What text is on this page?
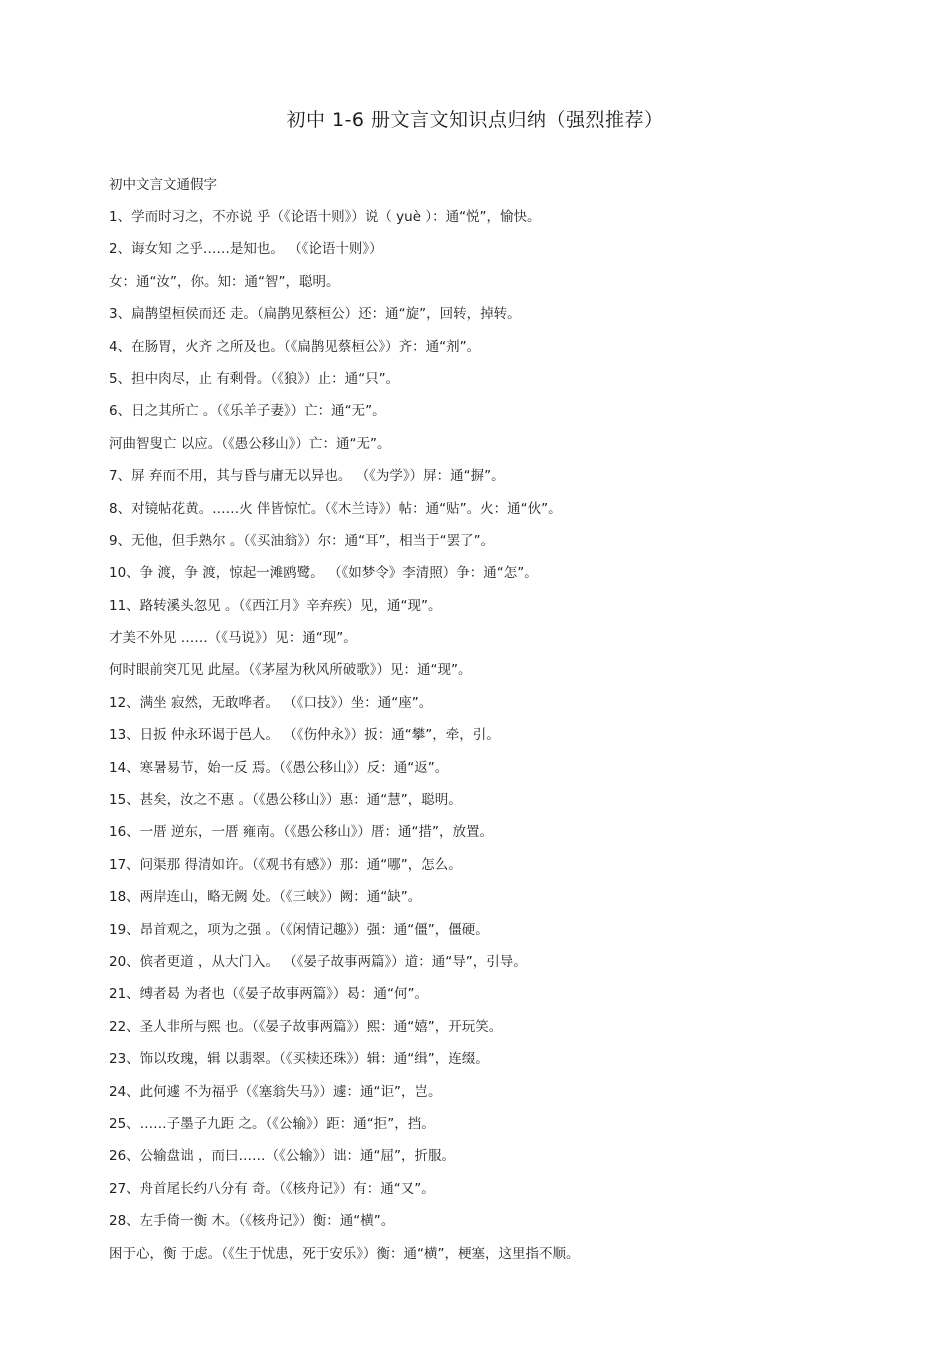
初中 1-6 册文言文知识点归纳（强烈推荐）
初中文言文通假字
1、学而时习之，不亦说 乎（《论语十则》）说（ yuè ）：通“悦”，愉快。
2、诲女知 之乎……是知也。 （《论语十则》）
女：通“汝”，你。知：通“智”，聪明。
3、扁鹊望桓侯而还 走。（扁鹊见蔡桓公）还：通“旋”，回转，掉转。
4、在肠胃，火齐 之所及也。（《扁鹊见蔡桓公》）齐：通“剂”。
5、担中肉尽，止 有剩骨。（《狼》）止：通“只”。
6、日之其所亡 。（《乐羊子妻》）亡：通“无”。
河曲智叟亡 以应。（《愚公移山》）亡：通“无”。
7、屏 弃而不用，其与昏与庸无以异也。 （《为学》）屏：通“摒”。
8、对镜帖花黄。……火 伴皆惊忙。（《木兰诗》）帖：通“贴”。火：通“伙”。
9、无他，但手熟尔 。（《买油翁》）尔：通“耳”，相当于“罢了”。
10、争 渡，争 渡，惊起一滩鸥鹭。 （《如梦令》李清照）争：通“怎”。
11、路转溪头忽见 。（《西江月》辛弃疾）见，通“现”。
才美不外见 ……（《马说》）见：通“现”。
何时眼前突兀见 此屋。（《茅屋为秋风所破歌》）见：通“现”。
12、满坐 寂然，无敢哗者。 （《口技》）坐：通“座”。
13、日扳 仲永环谒于邑人。 （《伤仲永》）扳：通“攀”，牵，引。
14、寒暑易节，始一反 焉。（《愚公移山》）反：通“返”。
15、甚矣，汝之不惠 。（《愚公移山》）惠：通“慧”，聪明。
16、一厝 逆东，一厝 雍南。（《愚公移山》）厝：通“措”，放置。
17、问渠那 得清如许。（《观书有感》）那：通“哪”，怎么。
18、两岸连山，略无阙 处。（《三峡》）阙：通“缺”。
19、昂首观之，项为之强 。（《闲情记趣》）强：通“僵”，僵硬。
20、傧者更道 ，从大门入。 （《晏子故事两篇》）道：通“导”，引导。
21、缚者曷 为者也（《晏子故事两篇》）曷：通“何”。
22、圣人非所与熙 也。（《晏子故事两篇》）熙：通“嬉”，开玩笑。
23、饰以玫瑰，辑 以翡翠。（《买椟还珠》）辑：通“缉”，连缀。
24、此何遽 不为福乎（《塞翁失马》）遽：通“讵”，岂。
25、……子墨子九距 之。（《公输》）距：通“拒”，挡。
26、公输盘诎 ，而曰……（《公输》）诎：通“屈”，折服。
27、舟首尾长约八分有 奇。（《核舟记》）有：通“又”。
28、左手倚一衡 木。（《核舟记》）衡：通“横”。
困于心，衡 于虑。（《生于忧患，死于安乐》）衡：通“横”，梗塞，这里指不顺。
